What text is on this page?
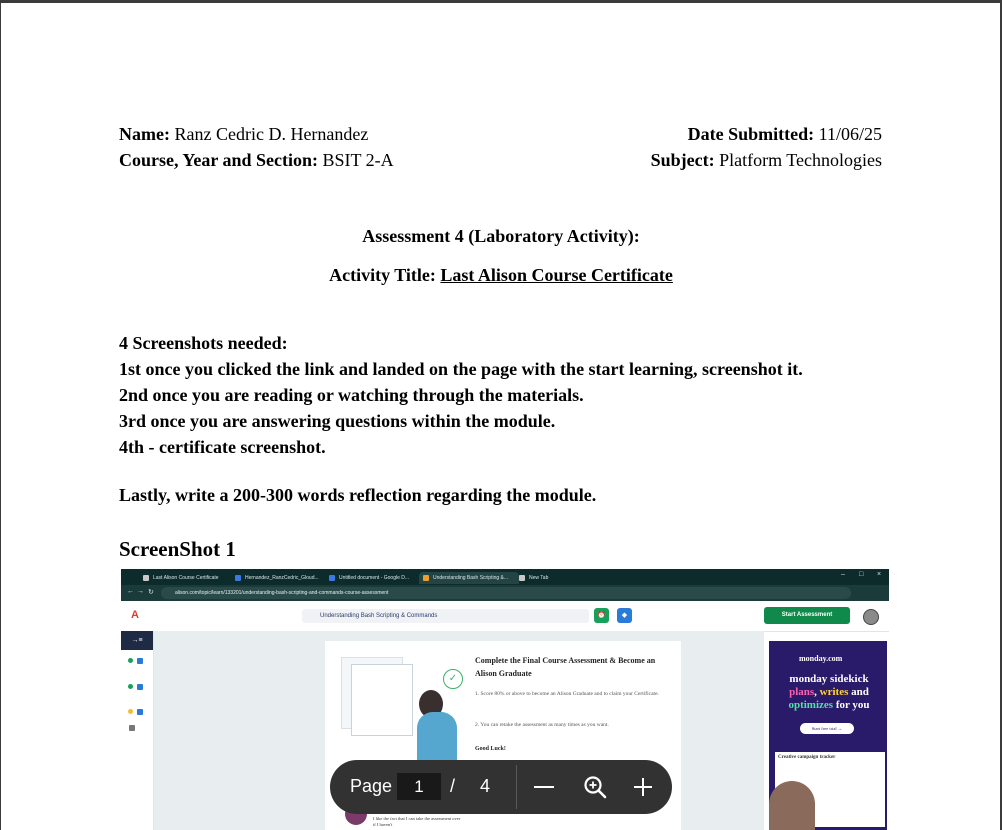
Name: Ranz Cedric D. Hernandez
Course, Year and Section: BSIT 2-A
Date Submitted: 11/06/25
Subject: Platform Technologies
Assessment 4 (Laboratory Activity):
Activity Title: Last Alison Course Certificate
4 Screenshots needed:
1st once you clicked the link and landed on the page with the start learning, screenshot it.
2nd once you are reading or watching through the materials.
3rd once you are answering questions within the module.
4th - certificate screenshot.
Lastly, write a 200-300 words reflection regarding the module.
ScreenShot 1
Last Alison Course Certificate	Hernandez_RanzCedric_Gloud...	Untitled document - Google D...	Understanding Bash Scripting &...	New Tab	– □ ×
← → ↻	alison.com/topic/learn/133201/understanding-bash-scripting-and-commands-course-assessment
A	Understanding Bash Scripting & Commands	⏰	◆	Start Assessment
→≡
✓
Complete the Final Course Assessment & Become an Alison Graduate
1. Score 80% or above to become an Alison Graduate and to claim your Certificate.
2. You can retake the assessment as many times as you want.
Good Luck!
I like the fact that I can take the assessment over if I haven't
monday.com
monday sidekick
plans, writes and
optimizes for you
Start free trial →
Creative campaign tracker
Page
1	/ 4
